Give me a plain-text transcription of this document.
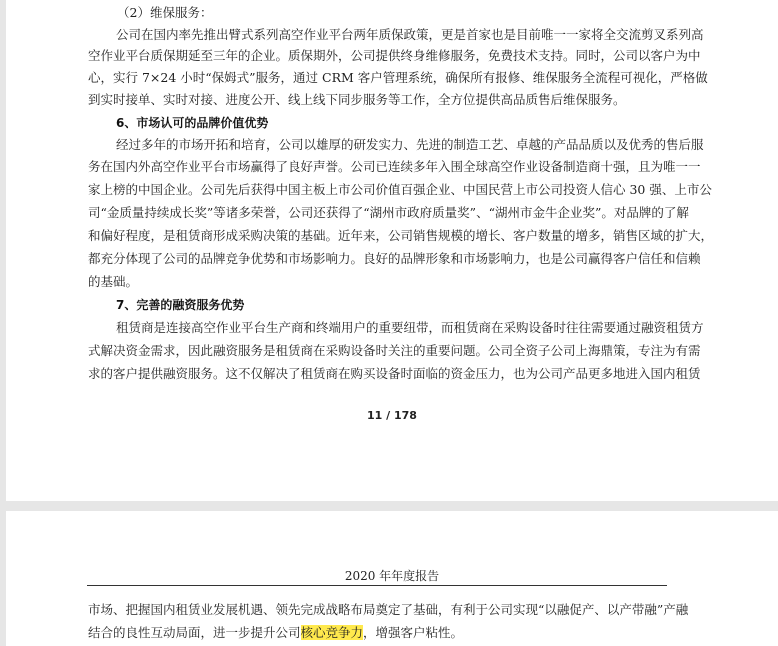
（2）维保服务：
公司在国内率先推出臂式系列高空作业平台两年质保政策，更是首家也是目前唯一一家将全交流剪叉系列高
空作业平台质保期延至三年的企业。质保期外，公司提供终身维修服务，免费技术支持。同时，公司以客户为中
心，实行 7×24 小时“保姆式”服务，通过 CRM 客户管理系统，确保所有报修、维保服务全流程可视化，严格做
到实时接单、实时对接、进度公开、线上线下同步服务等工作，全方位提供高品质售后维保服务。
6、市场认可的品牌价值优势
经过多年的市场开拓和培育，公司以雄厚的研发实力、先进的制造工艺、卓越的产品品质以及优秀的售后服
务在国内外高空作业平台市场赢得了良好声誉。公司已连续多年入围全球高空作业设备制造商十强，且为唯一一
家上榜的中国企业。公司先后获得中国主板上市公司价值百强企业、中国民营上市公司投资人信心 30 强、上市公
司“金质量持续成长奖”等诸多荣誉，公司还获得了“湖州市政府质量奖”、“湖州市金牛企业奖”。对品牌的了解
和偏好程度，是租赁商形成采购决策的基础。近年来，公司销售规模的增长、客户数量的增多，销售区域的扩大，
都充分体现了公司的品牌竞争优势和市场影响力。良好的品牌形象和市场影响力，也是公司赢得客户信任和信赖
的基础。
7、完善的融资服务优势
租赁商是连接高空作业平台生产商和终端用户的重要纽带，而租赁商在采购设备时往往需要通过融资租赁方
式解决资金需求，因此融资服务是租赁商在采购设备时关注的重要问题。公司全资子公司上海鼎策，专注为有需
求的客户提供融资服务。这不仅解决了租赁商在购买设备时面临的资金压力，也为公司产品更多地进入国内租赁
11 / 178
2020 年年度报告
市场、把握国内租赁业发展机遇、领先完成战略布局奠定了基础，有利于公司实现“以融促产、以产带融”产融
结合的良性互动局面，进一步提升公司核心竞争力，增强客户粘性。
